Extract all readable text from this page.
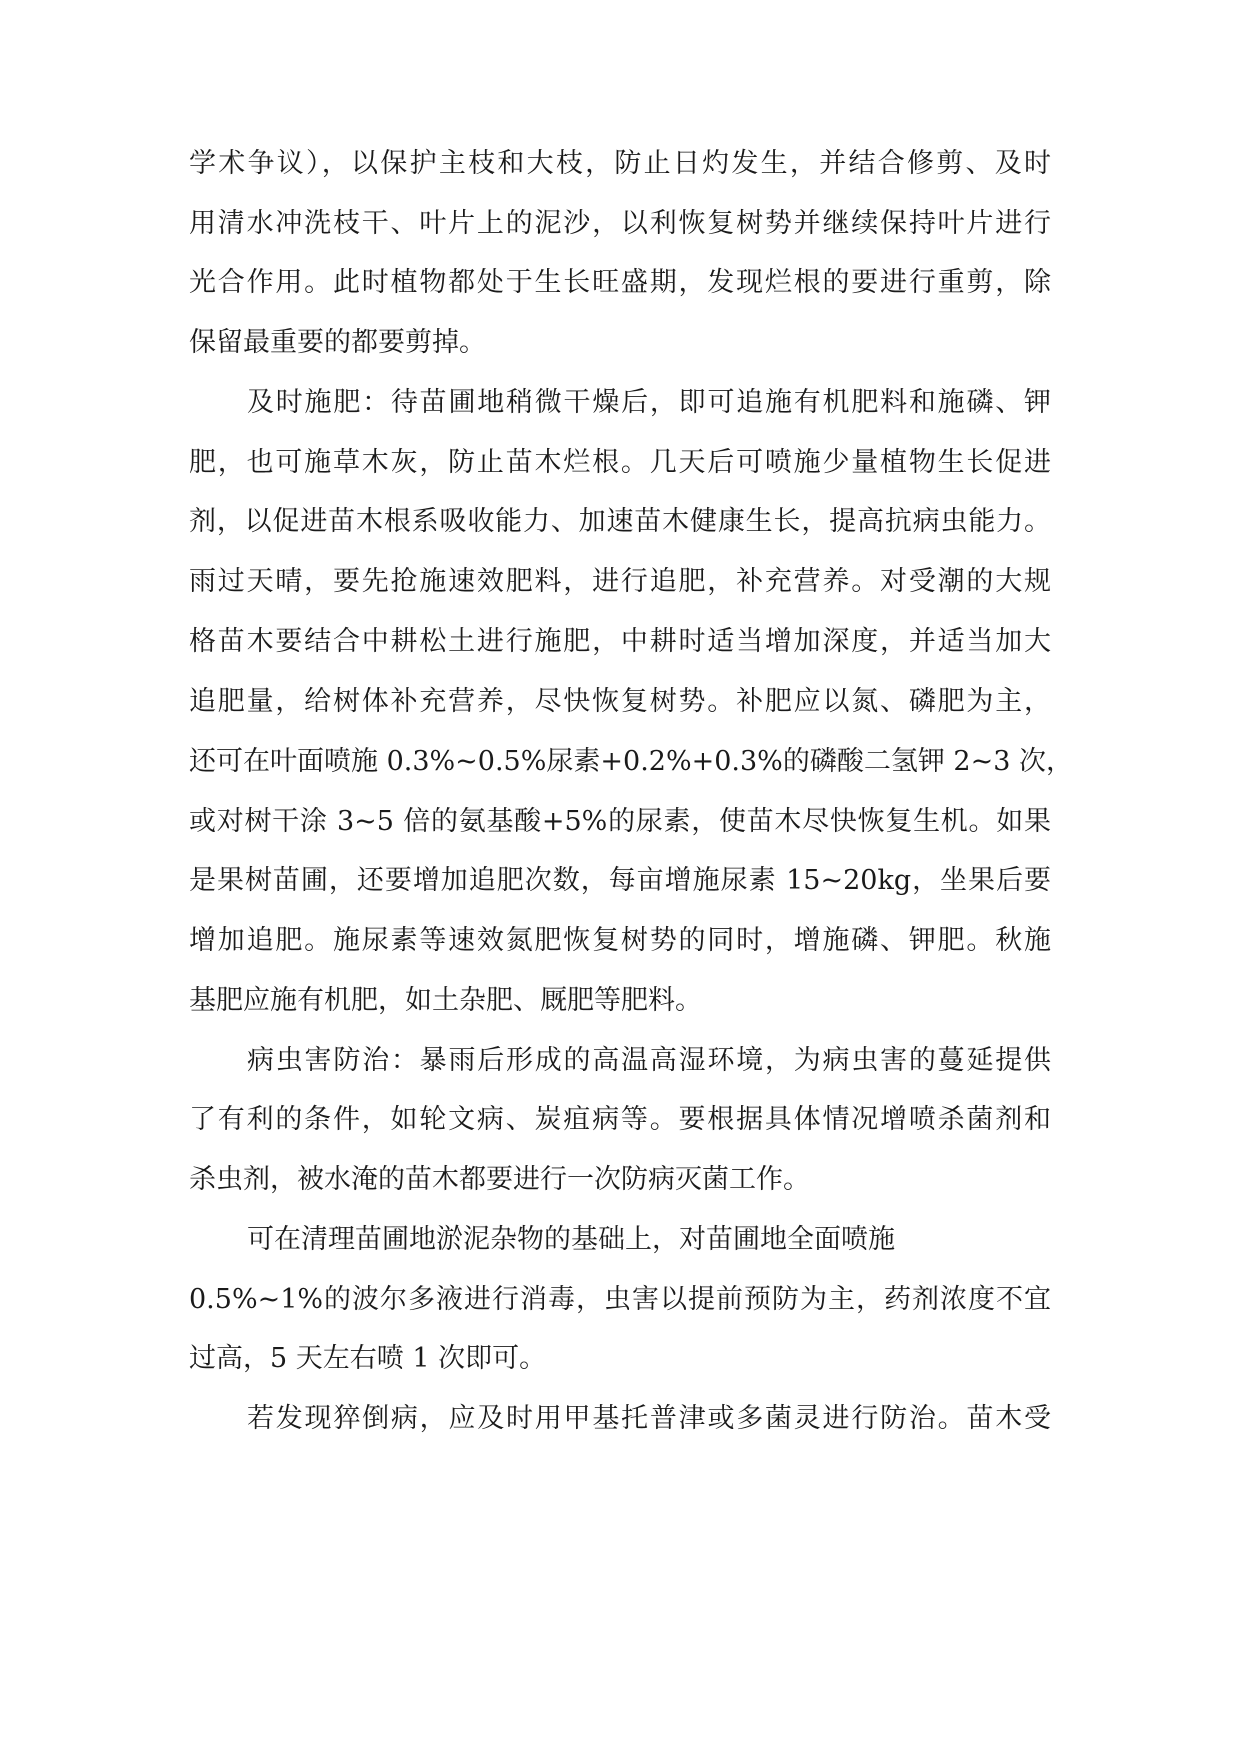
学术争议），以保护主枝和大枝，防止日灼发生，并结合修剪、及时
用清水冲洗枝干、叶片上的泥沙，以利恢复树势并继续保持叶片进行
光合作用。此时植物都处于生长旺盛期，发现烂根的要进行重剪，除
保留最重要的都要剪掉。
及时施肥：待苗圃地稍微干燥后，即可追施有机肥料和施磷、钾
肥，也可施草木灰，防止苗木烂根。几天后可喷施少量植物生长促进
剂，以促进苗木根系吸收能力、加速苗木健康生长，提高抗病虫能力。
雨过天晴，要先抢施速效肥料，进行追肥，补充营养。对受潮的大规
格苗木要结合中耕松土进行施肥，中耕时适当增加深度，并适当加大
追肥量，给树体补充营养，尽快恢复树势。补肥应以氮、磷肥为主，
还可在叶面喷施 0.3%~0.5%尿素+0.2%+0.3%的磷酸二氢钾 2~3 次，
或对树干涂 3~5 倍的氨基酸+5%的尿素，使苗木尽快恢复生机。如果
是果树苗圃，还要增加追肥次数，每亩增施尿素 15~20kg，坐果后要
增加追肥。施尿素等速效氮肥恢复树势的同时，增施磷、钾肥。秋施
基肥应施有机肥，如土杂肥、厩肥等肥料。
病虫害防治：暴雨后形成的高温高湿环境，为病虫害的蔓延提供
了有利的条件，如轮文病、炭疽病等。要根据具体情况增喷杀菌剂和
杀虫剂，被水淹的苗木都要进行一次防病灭菌工作。
可在清理苗圃地淤泥杂物的基础上，对苗圃地全面喷施
0.5%~1%的波尔多液进行消毒，虫害以提前预防为主，药剂浓度不宜
过高，5 天左右喷 1 次即可。
若发现猝倒病，应及时用甲基托普津或多菌灵进行防治。苗木受
